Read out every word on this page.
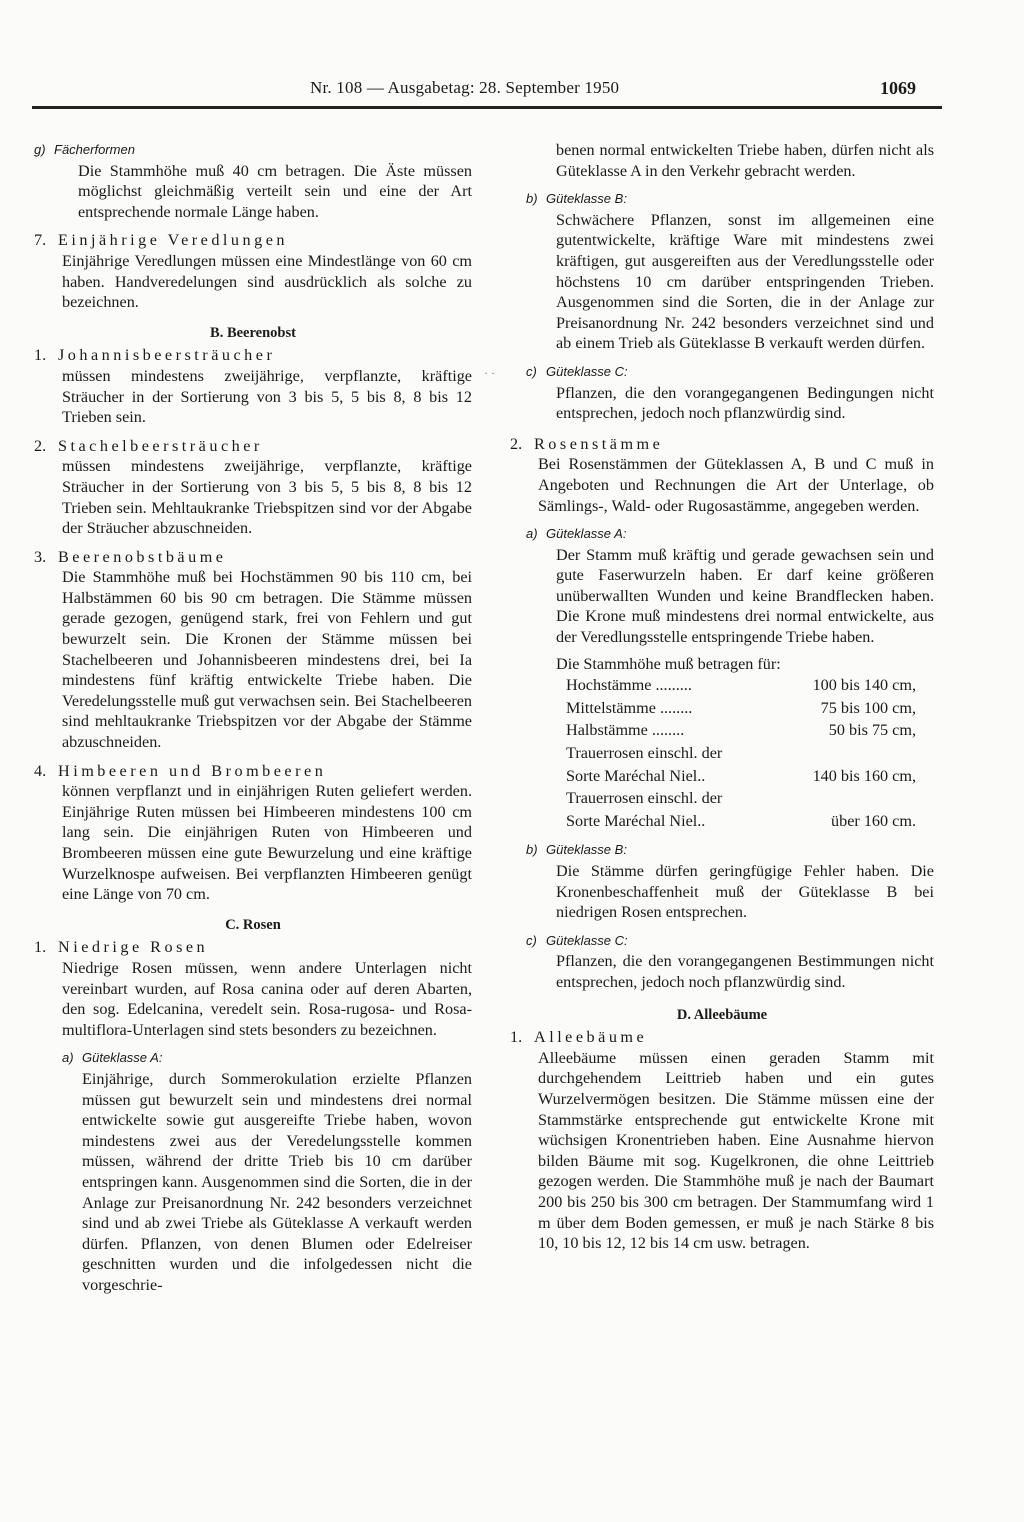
Nr. 108 — Ausgabetag: 28. September 1950	1069
· ·
g) Fächerformen

Die Stammhöhe muß 40 cm betragen. Die Äste müssen möglichst gleichmäßig verteilt sein und eine der Art entsprechende normale Länge haben.

7. Einjährige Veredlungen

Einjährige Veredlungen müssen eine Mindestlänge von 60 cm haben. Handveredelungen sind ausdrücklich als solche zu bezeichnen.

B. Beerenobst
1. Johannisbeersträucher

müssen mindestens zweijährige, verpflanzte, kräftige Sträucher in der Sortierung von 3 bis 5, 5 bis 8, 8 bis 12 Trieben sein.

2. Stachelbeersträucher

müssen mindestens zweijährige, verpflanzte, kräftige Sträucher in der Sortierung von 3 bis 5, 5 bis 8, 8 bis 12 Trieben sein. Mehltaukranke Triebspitzen sind vor der Abgabe der Sträucher abzuschneiden.

3. Beerenobstbäume

Die Stammhöhe muß bei Hochstämmen 90 bis 110 cm, bei Halbstämmen 60 bis 90 cm betragen. Die Stämme müssen gerade gezogen, genügend stark, frei von Fehlern und gut bewurzelt sein. Die Kronen der Stämme müssen bei Stachelbeeren und Johannisbeeren mindestens drei, bei Ia mindestens fünf kräftig entwickelte Triebe haben. Die Veredelungsstelle muß gut verwachsen sein. Bei Stachelbeeren sind mehltaukranke Triebspitzen vor der Abgabe der Stämme abzuschneiden.

4. Himbeeren und Brombeeren

können verpflanzt und in einjährigen Ruten geliefert werden. Einjährige Ruten müssen bei Himbeeren mindestens 100 cm lang sein. Die einjährigen Ruten von Himbeeren und Brombeeren müssen eine gute Bewurzelung und eine kräftige Wurzelknospe aufweisen. Bei verpflanzten Himbeeren genügt eine Länge von 70 cm.

C. Rosen
1. Niedrige Rosen

Niedrige Rosen müssen, wenn andere Unterlagen nicht vereinbart wurden, auf Rosa canina oder auf deren Abarten, den sog. Edelcanina, veredelt sein. Rosa-rugosa- und Rosa-multiflora-Unterlagen sind stets besonders zu bezeichnen.

a) Güteklasse A:

Einjährige, durch Sommerokulation erzielte Pflanzen müssen gut bewurzelt sein und mindestens drei normal entwickelte sowie gut ausgereifte Triebe haben, wovon mindestens zwei aus der Veredelungsstelle kommen müssen, während der dritte Trieb bis 10 cm darüber entspringen kann. Ausgenommen sind die Sorten, die in der Anlage zur Preisanordnung Nr. 242 besonders verzeichnet sind und ab zwei Triebe als Güteklasse A verkauft werden dürfen. Pflanzen, von denen Blumen oder Edelreiser geschnitten wurden und die infolgedessen nicht die vorgeschrie-

benen normal entwickelten Triebe haben, dürfen nicht als Güteklasse A in den Verkehr gebracht werden.

b) Güteklasse B:

Schwächere Pflanzen, sonst im allgemeinen eine gutentwickelte, kräftige Ware mit mindestens zwei kräftigen, gut ausgereiften aus der Veredlungsstelle oder höchstens 10 cm darüber entspringenden Trieben. Ausgenommen sind die Sorten, die in der Anlage zur Preisanordnung Nr. 242 besonders verzeichnet sind und ab einem Trieb als Güteklasse B verkauft werden dürfen.

c) Güteklasse C:

Pflanzen, die den vorangegangenen Bedingungen nicht entsprechen, jedoch noch pflanzwürdig sind.

2. Rosenstämme

Bei Rosenstämmen der Güteklassen A, B und C muß in Angeboten und Rechnungen die Art der Unterlage, ob Sämlings-, Wald- oder Rugosastämme, angegeben werden.

a) Güteklasse A:

Der Stamm muß kräftig und gerade gewachsen sein und gute Faserwurzeln haben. Er darf keine größeren unüberwallten Wunden und keine Brandflecken haben. Die Krone muß mindestens drei normal entwickelte, aus der Veredlungsstelle entspringende Triebe haben.

Die Stammhöhe muß betragen für:

Hochstämme .........	100 bis 140 cm,
Mittelstämme ........	75 bis 100 cm,
Halbstämme ........	50 bis 75 cm,
Trauerrosen einschl. der	
Sorte Maréchal Niel..	140 bis 160 cm,
Trauerrosen einschl. der	
Sorte Maréchal Niel..	über 160 cm.
b) Güteklasse B:

Die Stämme dürfen geringfügige Fehler haben. Die Kronenbeschaffenheit muß der Güteklasse B bei niedrigen Rosen entsprechen.

c) Güteklasse C:

Pflanzen, die den vorangegangenen Bestimmungen nicht entsprechen, jedoch noch pflanzwürdig sind.

D. Alleebäume
1. Alleebäume

Alleebäume müssen einen geraden Stamm mit durchgehendem Leittrieb haben und ein gutes Wurzelvermögen besitzen. Die Stämme müssen eine der Stammstärke entsprechende gut entwickelte Krone mit wüchsigen Kronentrieben haben. Eine Ausnahme hiervon bilden Bäume mit sog. Kugelkronen, die ohne Leittrieb gezogen werden. Die Stammhöhe muß je nach der Baumart 200 bis 250 bis 300 cm betragen. Der Stammumfang wird 1 m über dem Boden gemessen, er muß je nach Stärke 8 bis 10, 10 bis 12, 12 bis 14 cm usw. betragen.
